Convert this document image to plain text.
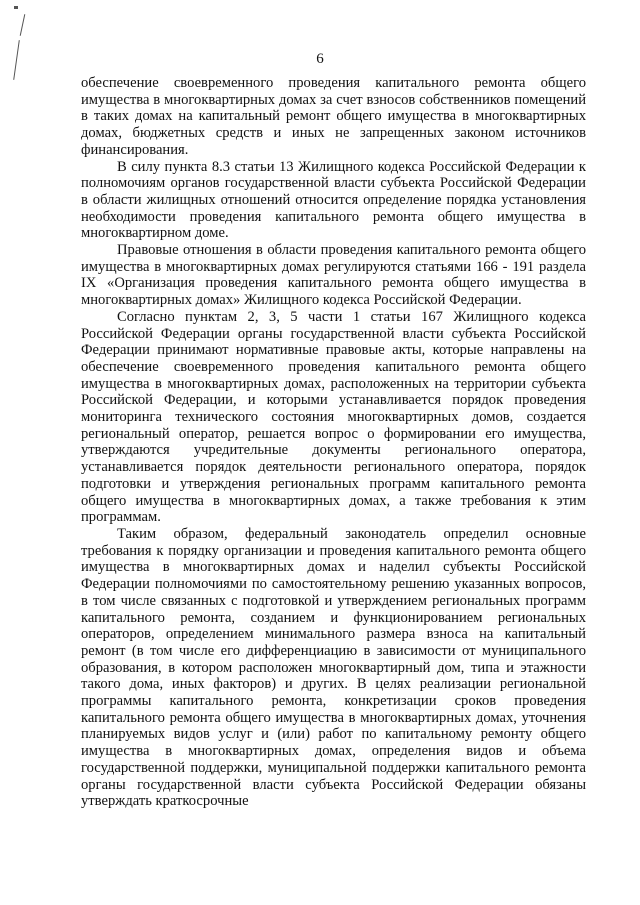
6

обеспечение своевременного проведения капитального ремонта общего имущества в многоквартирных домах за счет взносов собственников помещений в таких домах на капитальный ремонт общего имущества в многоквартирных домах, бюджетных средств и иных не запрещенных законом источников финансирования.

В силу пункта 8.3 статьи 13 Жилищного кодекса Российской Федерации к полномочиям органов государственной власти субъекта Российской Федерации в области жилищных отношений относится определение порядка установления необходимости проведения капитального ремонта общего имущества в многоквартирном доме.

Правовые отношения в области проведения капитального ремонта общего имущества в многоквартирных домах регулируются статьями 166 - 191 раздела IX «Организация проведения капитального ремонта общего имущества в многоквартирных домах» Жилищного кодекса Российской Федерации.

Согласно пунктам 2, 3, 5 части 1 статьи 167 Жилищного кодекса Российской Федерации органы государственной власти субъекта Российской Федерации принимают нормативные правовые акты, которые направлены на обеспечение своевременного проведения капитального ремонта общего имущества в многоквартирных домах, расположенных на территории субъекта Российской Федерации, и которыми устанавливается порядок проведения мониторинга технического состояния многоквартирных домов, создается региональный оператор, решается вопрос о формировании его имущества, утверждаются учредительные документы регионального оператора, устанавливается порядок деятельности регионального оператора, порядок подготовки и утверждения региональных программ капитального ремонта общего имущества в многоквартирных домах, а также требования к этим программам.

Таким образом, федеральный законодатель определил основные требования к порядку организации и проведения капитального ремонта общего имущества в многоквартирных домах и наделил субъекты Российской Федерации полномочиями по самостоятельному решению указанных вопросов, в том числе связанных с подготовкой и утверждением региональных программ капитального ремонта, созданием и функционированием региональных операторов, определением минимального размера взноса на капитальный ремонт (в том числе его дифференциацию в зависимости от муниципального образования, в котором расположен многоквартирный дом, типа и этажности такого дома, иных факторов) и других. В целях реализации региональной программы капитального ремонта, конкретизации сроков проведения капитального ремонта общего имущества в многоквартирных домах, уточнения планируемых видов услуг и (или) работ по капитальному ремонту общего имущества в многоквартирных домах, определения видов и объема государственной поддержки, муниципальной поддержки капитального ремонта органы государственной власти субъекта Российской Федерации обязаны утверждать краткосрочные
